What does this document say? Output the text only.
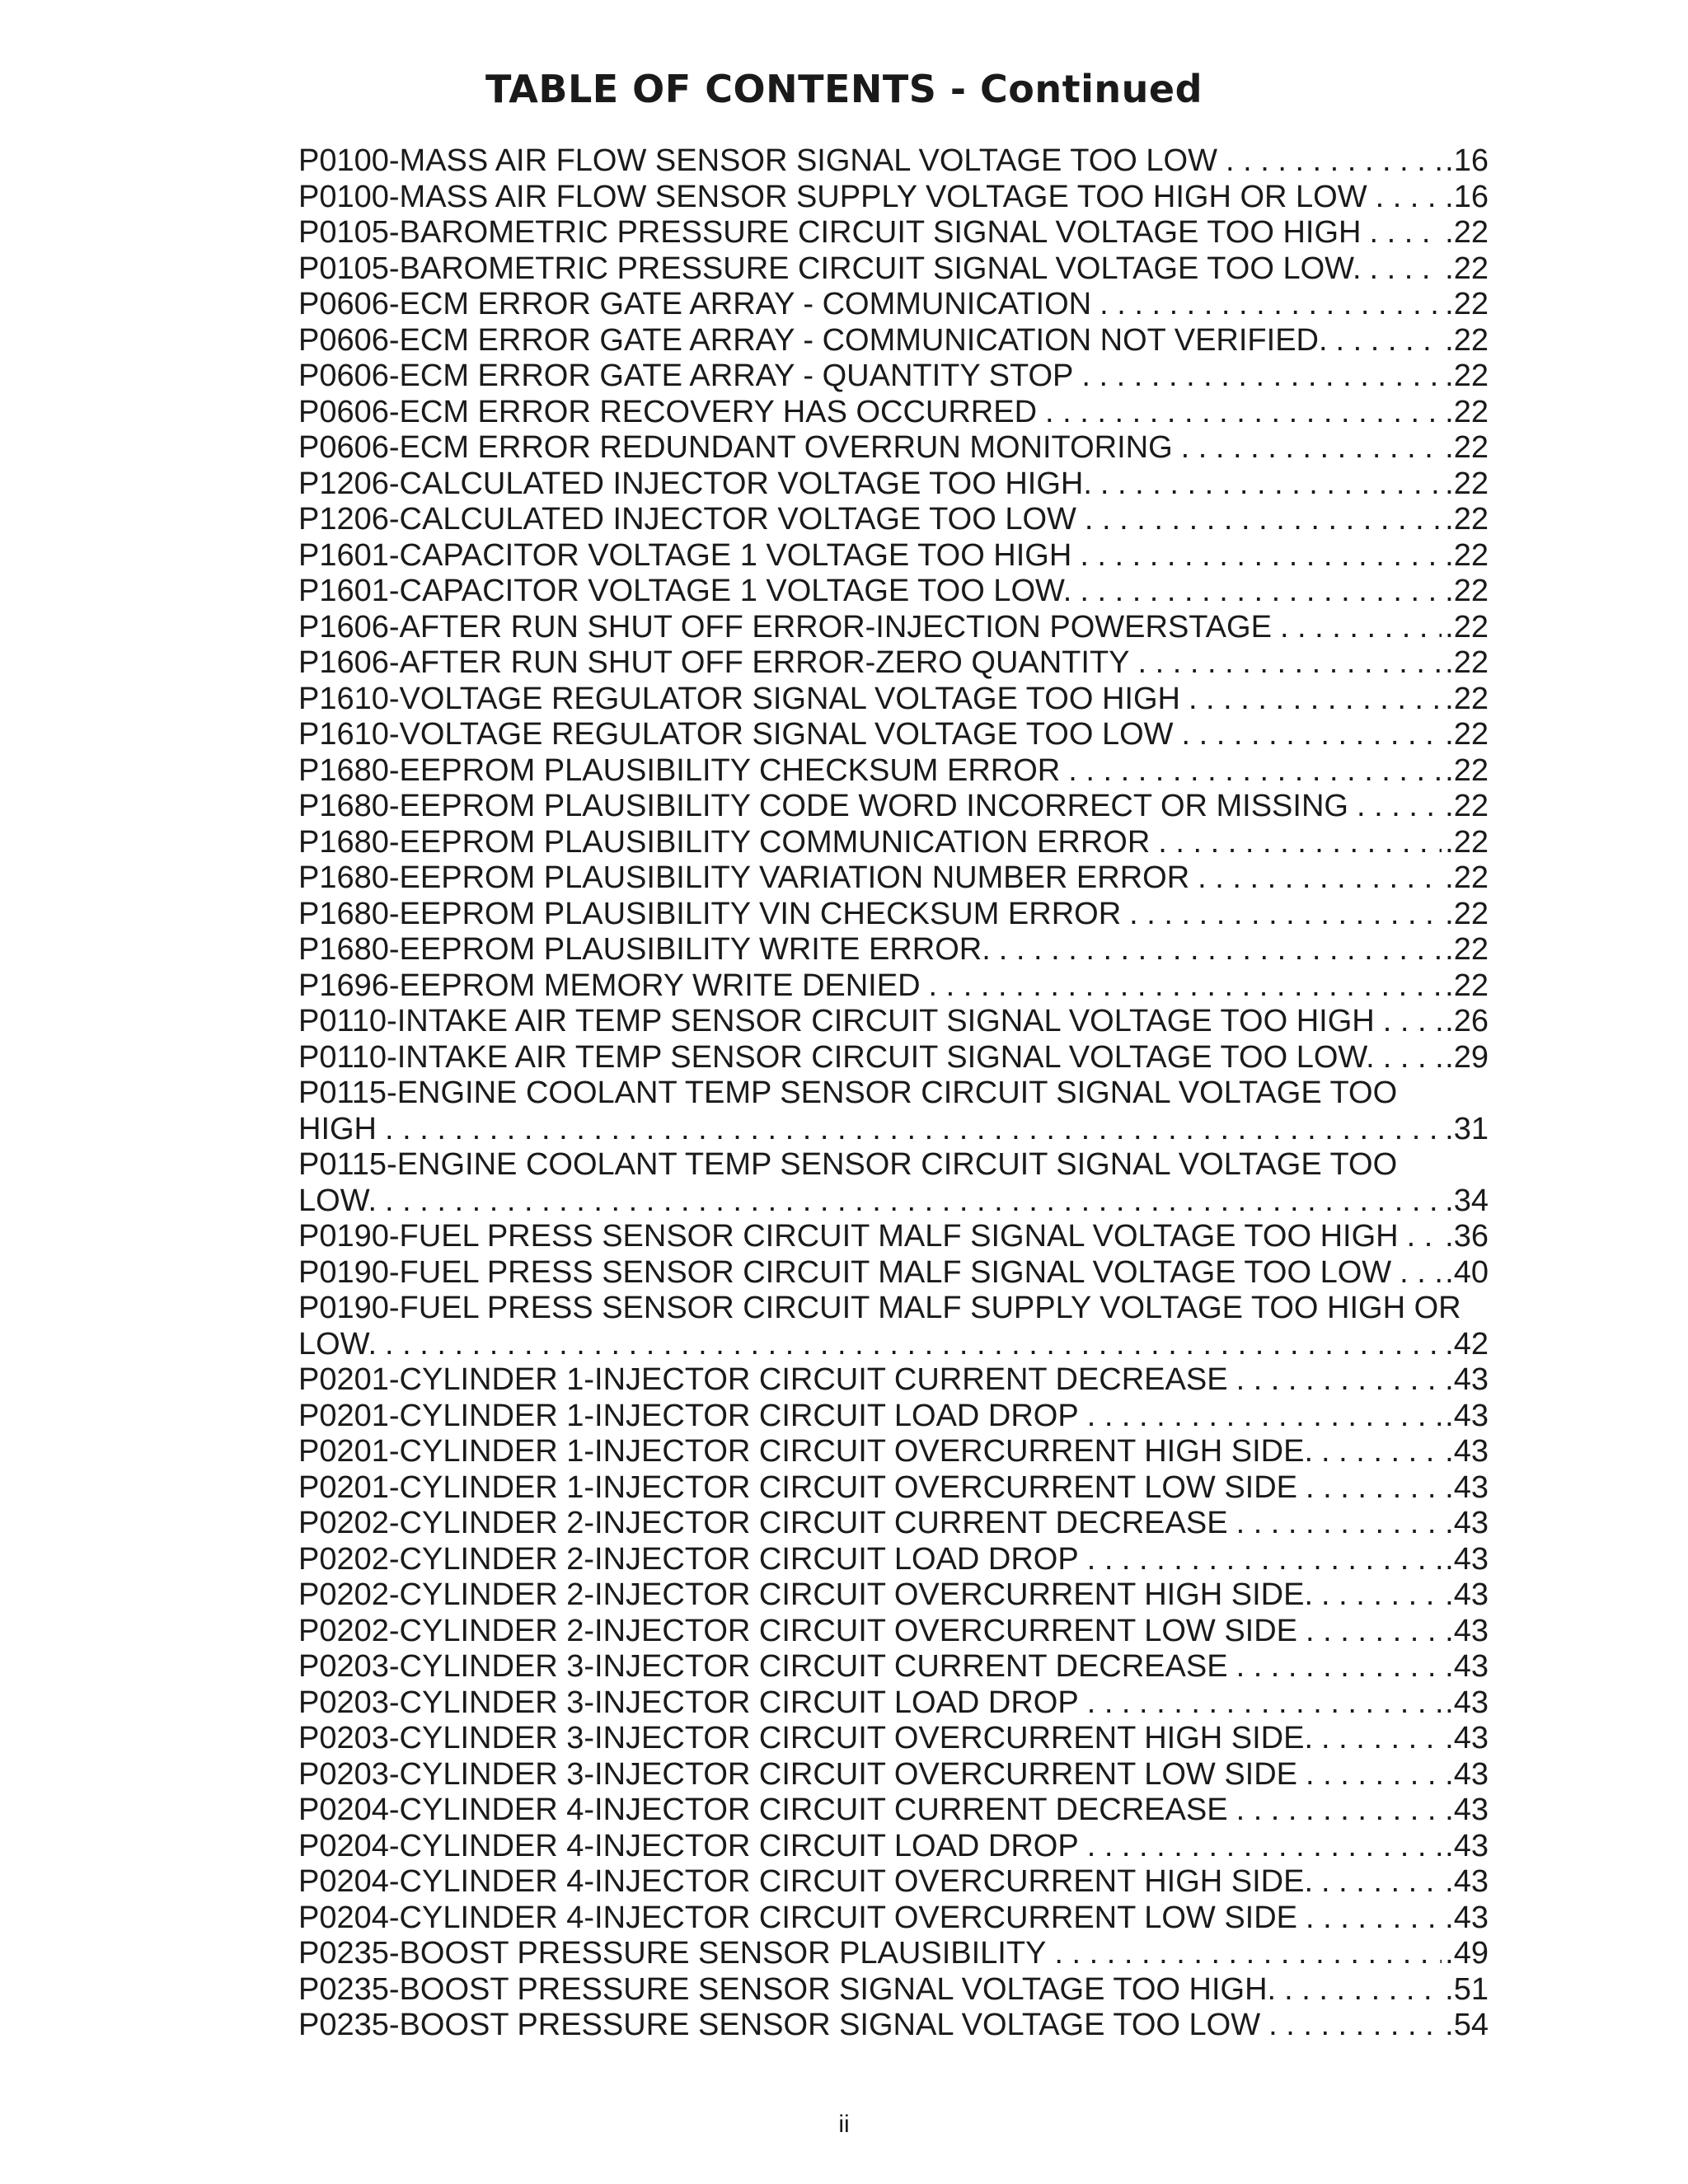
TABLE OF CONTENTS - Continued
P0100-MASS AIR FLOW SENSOR SIGNAL VOLTAGE TOO LOW . . .	.16
P0100-MASS AIR FLOW SENSOR SUPPLY VOLTAGE TOO HIGH OR LOW . . . .16
P0105-BAROMETRIC PRESSURE CIRCUIT SIGNAL VOLTAGE TOO HIGH . . .	.22
P0105-BAROMETRIC PRESSURE CIRCUIT SIGNAL VOLTAGE TOO LOW. . . .	.22
P0606-ECM ERROR GATE ARRAY - COMMUNICATION . . .	.22
P0606-ECM ERROR GATE ARRAY - COMMUNICATION NOT VERIFIED. . . .	.22
P0606-ECM ERROR GATE ARRAY - QUANTITY STOP . . .	.22
P0606-ECM ERROR RECOVERY HAS OCCURRED . . .	.22
P0606-ECM ERROR REDUNDANT OVERRUN MONITORING . . .	.22
P1206-CALCULATED INJECTOR VOLTAGE TOO HIGH. . . .	.22
P1206-CALCULATED INJECTOR VOLTAGE TOO LOW . . .	.22
P1601-CAPACITOR VOLTAGE 1 VOLTAGE TOO HIGH . . .	.22
P1601-CAPACITOR VOLTAGE 1 VOLTAGE TOO LOW. . . .	.22
P1606-AFTER RUN SHUT OFF ERROR-INJECTION POWERSTAGE . . .	.22
P1606-AFTER RUN SHUT OFF ERROR-ZERO QUANTITY . . .	.22
P1610-VOLTAGE REGULATOR SIGNAL VOLTAGE TOO HIGH . . .	.22
P1610-VOLTAGE REGULATOR SIGNAL VOLTAGE TOO LOW . . .	.22
P1680-EEPROM PLAUSIBILITY CHECKSUM ERROR . . .	.22
P1680-EEPROM PLAUSIBILITY CODE WORD INCORRECT OR MISSING . . .	.22
P1680-EEPROM PLAUSIBILITY COMMUNICATION ERROR . . .	.22
P1680-EEPROM PLAUSIBILITY VARIATION NUMBER ERROR . . .	.22
P1680-EEPROM PLAUSIBILITY VIN CHECKSUM ERROR . . .	.22
P1680-EEPROM PLAUSIBILITY WRITE ERROR. . . .	.22
P1696-EEPROM MEMORY WRITE DENIED . . .	.22
P0110-INTAKE AIR TEMP SENSOR CIRCUIT SIGNAL VOLTAGE TOO HIGH . . . .26
P0110-INTAKE AIR TEMP SENSOR CIRCUIT SIGNAL VOLTAGE TOO LOW. . . . .29
P0115-ENGINE COOLANT TEMP SENSOR CIRCUIT SIGNAL VOLTAGE TOO
HIGH . . .	.31
P0115-ENGINE COOLANT TEMP SENSOR CIRCUIT SIGNAL VOLTAGE TOO
LOW. . . .	.34
P0190-FUEL PRESS SENSOR CIRCUIT MALF SIGNAL VOLTAGE TOO HIGH . . . .36
P0190-FUEL PRESS SENSOR CIRCUIT MALF SIGNAL VOLTAGE TOO LOW . . . .40
P0190-FUEL PRESS SENSOR CIRCUIT MALF SUPPLY VOLTAGE TOO HIGH OR
LOW. . . .	.42
P0201-CYLINDER 1-INJECTOR CIRCUIT CURRENT DECREASE . . .	.43
P0201-CYLINDER 1-INJECTOR CIRCUIT LOAD DROP . . .	.43
P0201-CYLINDER 1-INJECTOR CIRCUIT OVERCURRENT HIGH SIDE. . . .	.43
P0201-CYLINDER 1-INJECTOR CIRCUIT OVERCURRENT LOW SIDE . . .	.43
P0202-CYLINDER 2-INJECTOR CIRCUIT CURRENT DECREASE . . .	.43
P0202-CYLINDER 2-INJECTOR CIRCUIT LOAD DROP . . .	.43
P0202-CYLINDER 2-INJECTOR CIRCUIT OVERCURRENT HIGH SIDE. . . .	.43
P0202-CYLINDER 2-INJECTOR CIRCUIT OVERCURRENT LOW SIDE . . .	.43
P0203-CYLINDER 3-INJECTOR CIRCUIT CURRENT DECREASE . . .	.43
P0203-CYLINDER 3-INJECTOR CIRCUIT LOAD DROP . . .	.43
P0203-CYLINDER 3-INJECTOR CIRCUIT OVERCURRENT HIGH SIDE. . . .	.43
P0203-CYLINDER 3-INJECTOR CIRCUIT OVERCURRENT LOW SIDE . . .	.43
P0204-CYLINDER 4-INJECTOR CIRCUIT CURRENT DECREASE . . .	.43
P0204-CYLINDER 4-INJECTOR CIRCUIT LOAD DROP . . .	.43
P0204-CYLINDER 4-INJECTOR CIRCUIT OVERCURRENT HIGH SIDE. . . .	.43
P0204-CYLINDER 4-INJECTOR CIRCUIT OVERCURRENT LOW SIDE . . .	.43
P0235-BOOST PRESSURE SENSOR PLAUSIBILITY . . .	.49
P0235-BOOST PRESSURE SENSOR SIGNAL VOLTAGE TOO HIGH. . . .	.51
P0235-BOOST PRESSURE SENSOR SIGNAL VOLTAGE TOO LOW . . .	.54
ii
